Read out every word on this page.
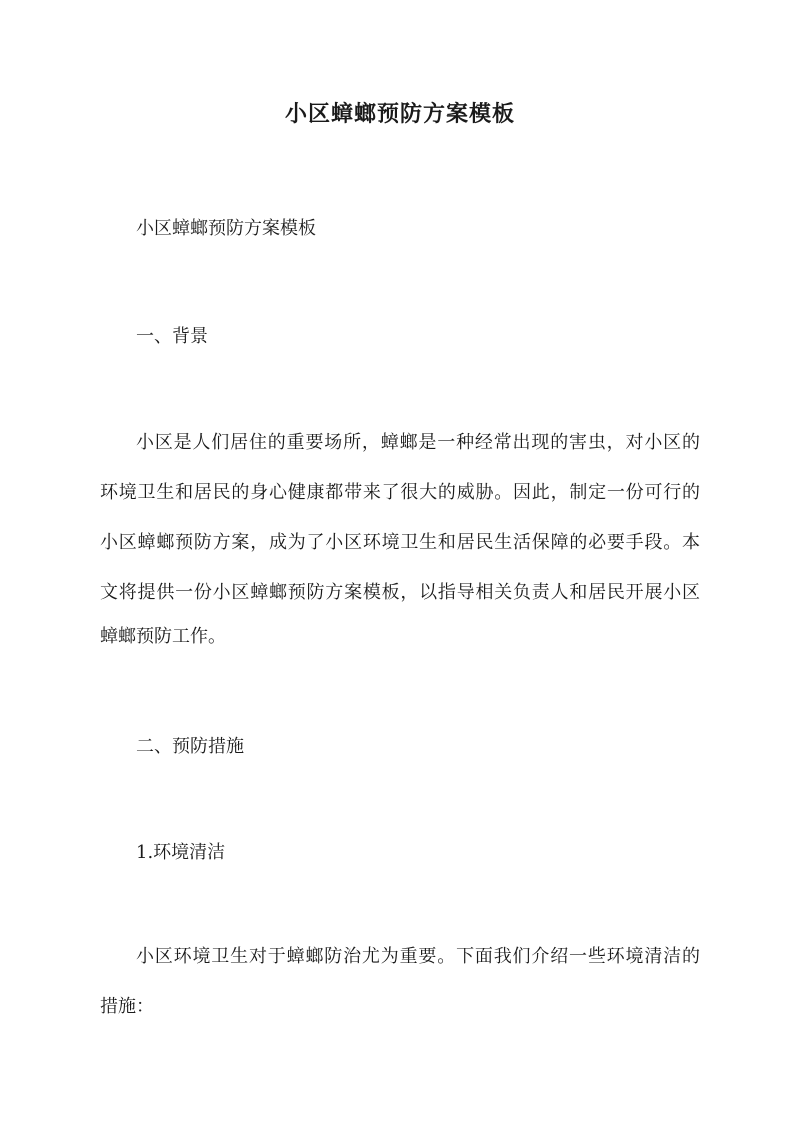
小区蟑螂预防方案模板
小区蟑螂预防方案模板
一、背景
小区是人们居住的重要场所，蟑螂是一种经常出现的害虫，对小区的
环境卫生和居民的身心健康都带来了很大的威胁。因此，制定一份可行的
小区蟑螂预防方案，成为了小区环境卫生和居民生活保障的必要手段。本
文将提供一份小区蟑螂预防方案模板，以指导相关负责人和居民开展小区
蟑螂预防工作。
二、预防措施
1.环境清洁
小区环境卫生对于蟑螂防治尤为重要。下面我们介绍一些环境清洁的
措施：
